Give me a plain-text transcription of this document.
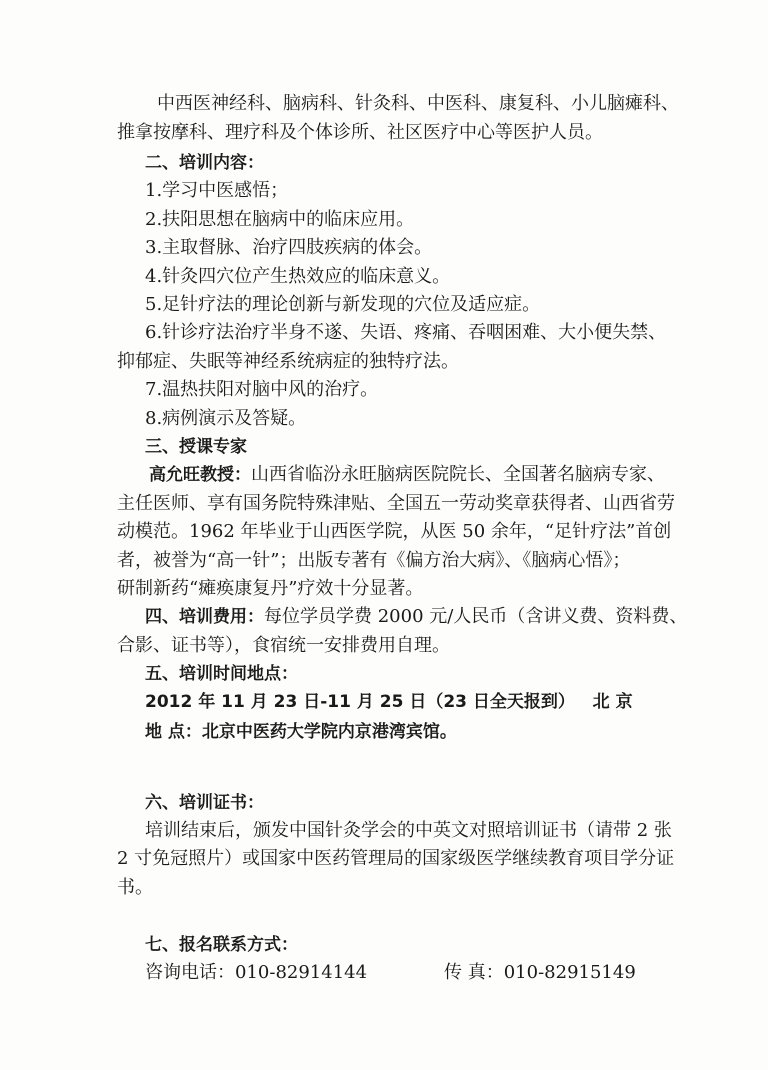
中西医神经科、脑病科、针灸科、中医科、康复科、小儿脑瘫科、
推拿按摩科、理疗科及个体诊所、社区医疗中心等医护人员。
二、培训内容：
1.学习中医感悟；
2.扶阳思想在脑病中的临床应用。
3.主取督脉、治疗四肢疾病的体会。
4.针灸四穴位产生热效应的临床意义。
5.足针疗法的理论创新与新发现的穴位及适应症。
6.针诊疗法治疗半身不遂、失语、疼痛、吞咽困难、大小便失禁、
抑郁症、失眠等神经系统病症的独特疗法。
7.温热扶阳对脑中风的治疗。
8.病例演示及答疑。
三、授课专家
高允旺教授：山西省临汾永旺脑病医院院长、全国著名脑病专家、
主任医师、享有国务院特殊津贴、全国五一劳动奖章获得者、山西省劳
动模范。1962 年毕业于山西医学院，从医 50 余年，“足针疗法”首创
者，被誉为“高一针”；出版专著有《偏方治大病》、《脑病心悟》；
研制新药“瘫痪康复丹”疗效十分显著。
四、培训费用：每位学员学费 2000 元/人民币（含讲义费、资料费、
合影、证书等），食宿统一安排费用自理。
五、培训时间地点：
2012 年 11 月 23 日-11 月 25 日（23 日全天报到）   北 京
地 点：北京中医药大学院内京港湾宾馆。
六、培训证书：
培训结束后，颁发中国针灸学会的中英文对照培训证书（请带 2 张
2 寸免冠照片）或国家中医药管理局的国家级医学继续教育项目学分证
书。
七、报名联系方式：
咨询电话：010-82914144	传 真：010-82915149
